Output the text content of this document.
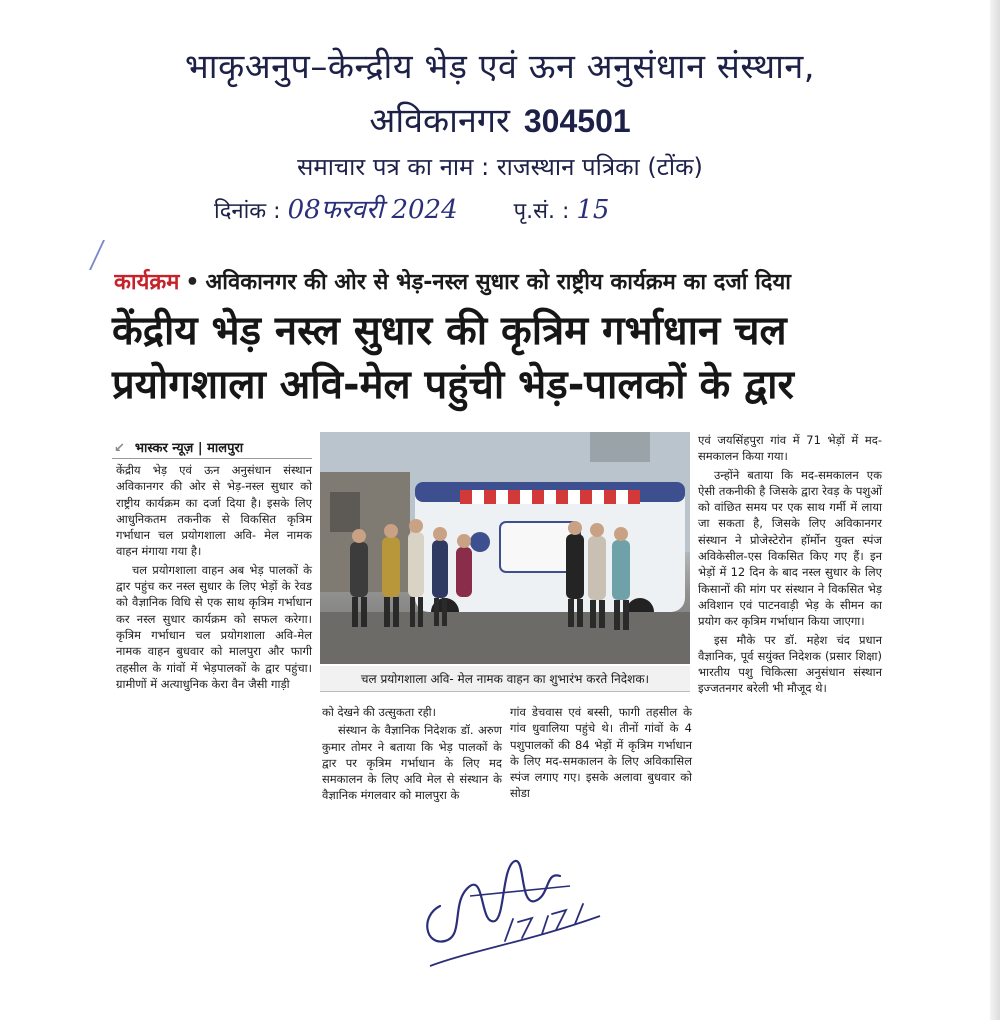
भाकृअनुप–केन्द्रीय भेड़ एवं ऊन अनुसंधान संस्थान,
अविकानगर 304501
समाचार पत्र का नाम : राजस्थान पत्रिका (टोंक)
दिनांक : 08फरवरी 2024	पृ.सं. : 15
कार्यक्रम • अविकानगर की ओर से भेड़-नस्ल सुधार को राष्ट्रीय कार्यक्रम का दर्जा दिया
केंद्रीय भेड़ नस्ल सुधार की कृत्रिम गर्भाधान चल
प्रयोगशाला अवि-मेल पहुंची भेड़-पालकों के द्वार
↙ भास्कर न्यूज़ | मालपुरा

केंद्रीय भेड़ एवं ऊन अनुसंधान संस्थान अविकानगर की ओर से भेड़-नस्ल सुधार को राष्ट्रीय कार्यक्रम का दर्जा दिया है। इसके लिए आधुनिकतम तकनीक से विकसित कृत्रिम गर्भाधान चल प्रयोगशाला अवि- मेल नामक वाहन मंगाया गया है।

चल प्रयोगशाला वाहन अब भेड़ पालकों के द्वार पहुंच कर नस्ल सुधार के लिए भेड़ों के रेवड को वैज्ञानिक विधि से एक साथ कृत्रिम गर्भाधान कर नस्ल सुधार कार्यक्रम को सफल करेगा। कृत्रिम गर्भाधान चल प्रयोगशाला अवि-मेल नामक वाहन बुधवार को मालपुरा और फागी तहसील के गांवों में भेड़पालकों के द्वार पहुंचा। ग्रामीणों में अत्याधुनिक केरा वैन जैसी गाड़ी	चल प्रयोगशाला अवि- मेल नामक वाहन का शुभारंभ करते निदेशक।

को देखने की उत्सुकता रही।

संस्थान के वैज्ञानिक निदेशक डॉ. अरुण कुमार तोमर ने बताया कि भेड़ पालकों के द्वार पर कृत्रिम गर्भाधान के लिए मद समकालन के लिए अवि मेल से संस्थान के वैज्ञानिक मंगलवार को मालपुरा के

गांव डेचवास एवं बस्सी, फागी तहसील के गांव धुवालिया पहुंचे थे। तीनों गांवों के 4 पशुपालकों की 84 भेड़ों में कृत्रिम गर्भाधान के लिए मद-समकालन के लिए अविकासिल स्पंज लगाए गए। इसके अलावा बुधवार को सोडा

एवं जयसिंहपुरा गांव में 71 भेड़ों में मद-समकालन किया गया।

उन्होंने बताया कि मद-समकालन एक ऐसी तकनीकी है जिसके द्वारा रेवड़ के पशुओं को वांछित समय पर एक साथ गर्मी में लाया जा सकता है, जिसके लिए अविकानगर संस्थान ने प्रोजेस्टेरोन हॉर्मोन युक्त स्पंज अविकेसील-एस विकसित किए गए हैं। इन भेड़ों में 12 दिन के बाद नस्ल सुधार के लिए किसानों की मांग पर संस्थान ने विकसित भेड़ अविशान एवं पाटनवाड़ी भेड़ के सीमन का प्रयोग कर कृत्रिम गर्भाधान किया जाएगा।

इस मौके पर डॉ. महेश चंद प्रधान वैज्ञानिक, पूर्व सयुंक्त निदेशक (प्रसार शिक्षा) भारतीय पशु चिकित्सा अनुसंधान संस्थान इज्जतनगर बरेली भी मौजूद थे।
